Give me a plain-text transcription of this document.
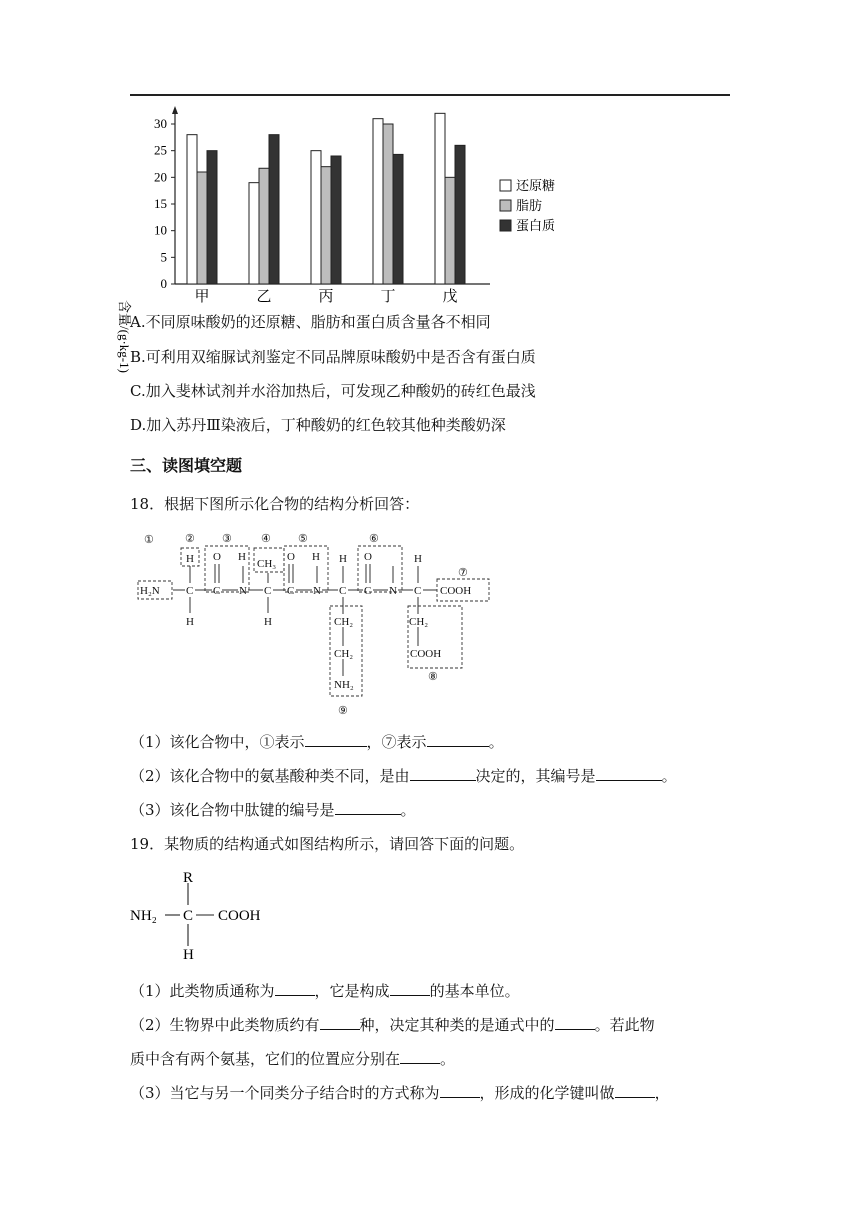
含量/(g·kg-1)
0
5
10
15
20
25
30
甲	乙	丙	丁	戊
还原糖
脂肪
蛋白质
A.不同原味酸奶的还原糖、脂肪和蛋白质含量各不相同
B.可利用双缩脲试剂鉴定不同品牌原味酸奶中是否含有蛋白质
C.加入斐林试剂并水浴加热后，可发现乙种酸奶的砖红色最浅
D.加入苏丹Ⅲ染液后，丁种酸奶的红色较其他种类酸奶深
三、读图填空题
18．根据下图所示化合物的结构分析回答：
①	② ③	④ ⑤	⑥
⑦
⑧
⑨
H₂N C
H
H
O H
C N
CH₃
C
H
O H
C N
H
C
CH₂
CH₂
NH₂
O
C N
H
C COOH
CH₂
COOH
（1）该化合物中，①表示	，⑦表示	。
（2）该化合物中的氨基酸种类不同，是由	决定的，其编号是	。
（3）该化合物中肽键的编号是	。
19．某物质的结构通式如图结构所示，请回答下面的问题。
R
NH₂ C COOH
H
（1）此类物质通称为	，它是构成	的基本单位。
（2）生物界中此类物质约有	种，决定其种类的是通式中的	。若此物
质中含有两个氨基，它们的位置应分别在	。
（3）当它与另一个同类分子结合时的方式称为	，形成的化学键叫做	，
